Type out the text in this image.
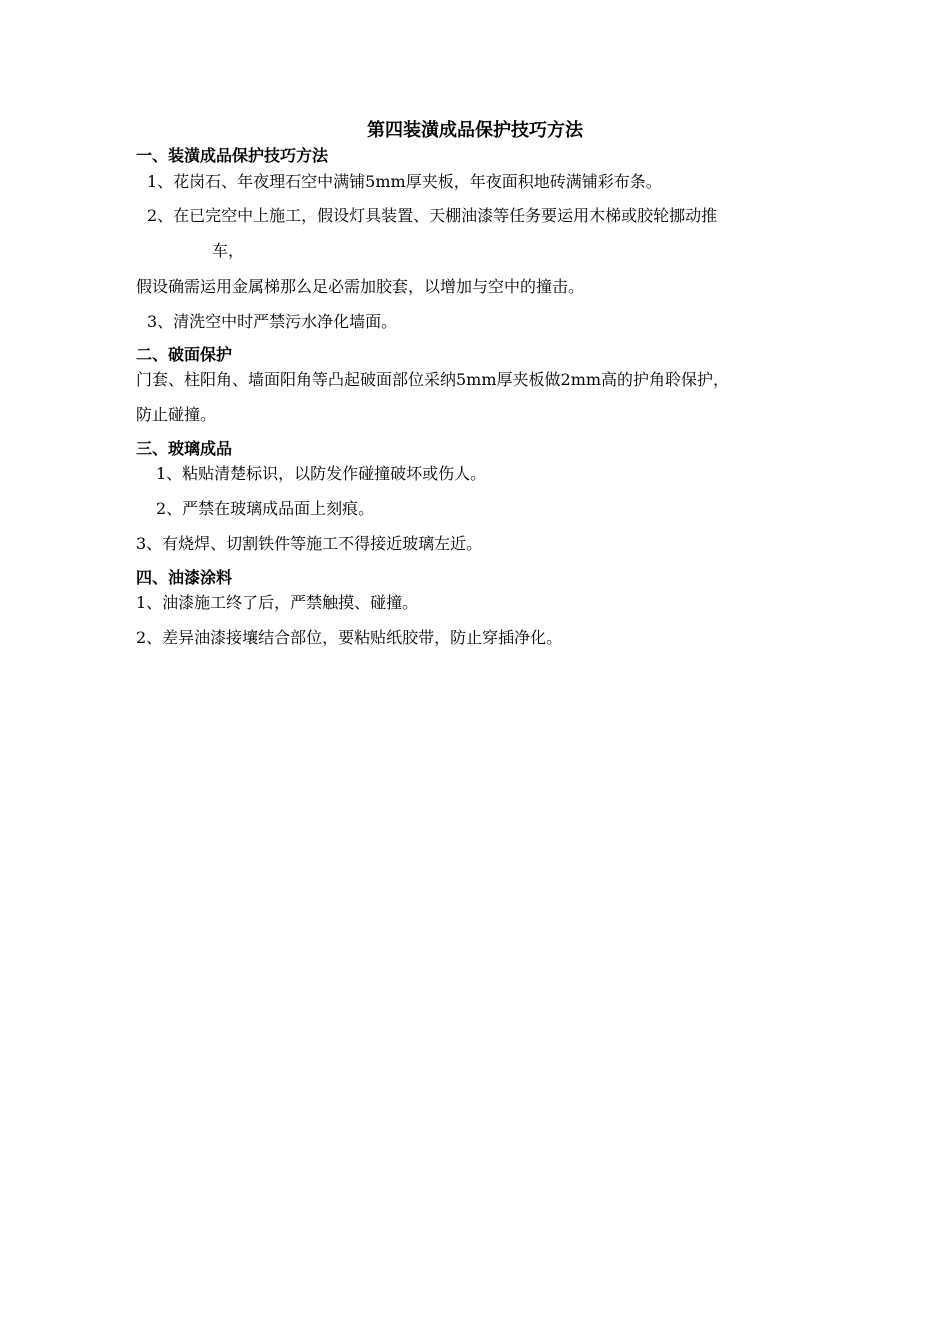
第四装潢成品保护技巧方法
一、装潢成品保护技巧方法
1、花岗石、年夜理石空中满铺5mm厚夹板，年夜面积地砖满铺彩布条。
2、在已完空中上施工，假设灯具装置、天棚油漆等任务要运用木梯或胶轮挪动推
车，
假设确需运用金属梯那么足必需加胶套，以增加与空中的撞击。
3、清洗空中时严禁污水净化墙面。
二、破面保护
门套、柱阳角、墙面阳角等凸起破面部位采纳5mm厚夹板做2mm高的护角聆保护，
防止碰撞。
三、玻璃成品
1、粘贴清楚标识，以防发作碰撞破坏或伤人。
2、严禁在玻璃成品面上刻痕。
3、有烧焊、切割铁件等施工不得接近玻璃左近。
四、油漆涂料
1、油漆施工终了后，严禁触摸、碰撞。
2、差异油漆接壤结合部位，要粘贴纸胶带，防止穿插净化。
